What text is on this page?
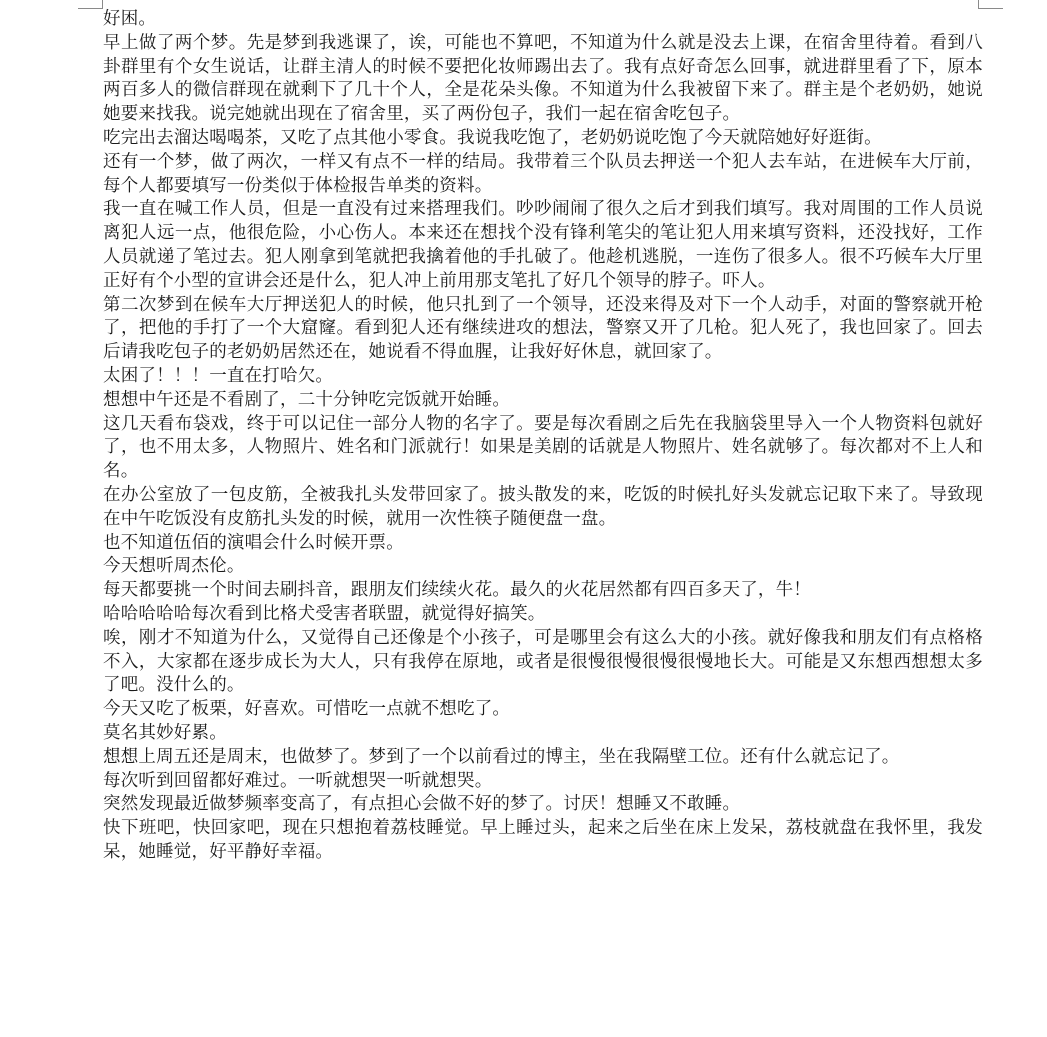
好困。

早上做了两个梦。先是梦到我逃课了，诶，可能也不算吧，不知道为什么就是没去上课，在宿舍里待着。看到八卦群里有个女生说话，让群主清人的时候不要把化妆师踢出去了。我有点好奇怎么回事，就进群里看了下，原本两百多人的微信群现在就剩下了几十个人，全是花朵头像。不知道为什么我被留下来了。群主是个老奶奶，她说她要来找我。说完她就出现在了宿舍里，买了两份包子，我们一起在宿舍吃包子。

吃完出去溜达喝喝茶，又吃了点其他小零食。我说我吃饱了，老奶奶说吃饱了今天就陪她好好逛街。

还有一个梦，做了两次，一样又有点不一样的结局。我带着三个队员去押送一个犯人去车站，在进候车大厅前，每个人都要填写一份类似于体检报告单类的资料。

我一直在喊工作人员，但是一直没有过来搭理我们。吵吵闹闹了很久之后才到我们填写。我对周围的工作人员说离犯人远一点，他很危险，小心伤人。本来还在想找个没有锋利笔尖的笔让犯人用来填写资料，还没找好，工作人员就递了笔过去。犯人刚拿到笔就把我擒着他的手扎破了。他趁机逃脱，一连伤了很多人。很不巧候车大厅里正好有个小型的宣讲会还是什么，犯人冲上前用那支笔扎了好几个领导的脖子。吓人。

第二次梦到在候车大厅押送犯人的时候，他只扎到了一个领导，还没来得及对下一个人动手，对面的警察就开枪了，把他的手打了一个大窟窿。看到犯人还有继续进攻的想法，警察又开了几枪。犯人死了，我也回家了。回去后请我吃包子的老奶奶居然还在，她说看不得血腥，让我好好休息，就回家了。

太困了！！！一直在打哈欠。

想想中午还是不看剧了，二十分钟吃完饭就开始睡。

这几天看布袋戏，终于可以记住一部分人物的名字了。要是每次看剧之后先在我脑袋里导入一个人物资料包就好了，也不用太多，人物照片、姓名和门派就行！如果是美剧的话就是人物照片、姓名就够了。每次都对不上人和名。

在办公室放了一包皮筋，全被我扎头发带回家了。披头散发的来，吃饭的时候扎好头发就忘记取下来了。导致现在中午吃饭没有皮筋扎头发的时候，就用一次性筷子随便盘一盘。

也不知道伍佰的演唱会什么时候开票。

今天想听周杰伦。

每天都要挑一个时间去刷抖音，跟朋友们续续火花。最久的火花居然都有四百多天了，牛！

哈哈哈哈哈每次看到比格犬受害者联盟，就觉得好搞笑。

唉，刚才不知道为什么，又觉得自己还像是个小孩子，可是哪里会有这么大的小孩。就好像我和朋友们有点格格不入，大家都在逐步成长为大人，只有我停在原地，或者是很慢很慢很慢很慢地长大。可能是又东想西想想太多了吧。没什么的。

今天又吃了板栗，好喜欢。可惜吃一点就不想吃了。

莫名其妙好累。

想想上周五还是周末，也做梦了。梦到了一个以前看过的博主，坐在我隔壁工位。还有什么就忘记了。

每次听到回留都好难过。一听就想哭一听就想哭。

突然发现最近做梦频率变高了，有点担心会做不好的梦了。讨厌！想睡又不敢睡。

快下班吧，快回家吧，现在只想抱着荔枝睡觉。早上睡过头，起来之后坐在床上发呆，荔枝就盘在我怀里，我发呆，她睡觉，好平静好幸福。
